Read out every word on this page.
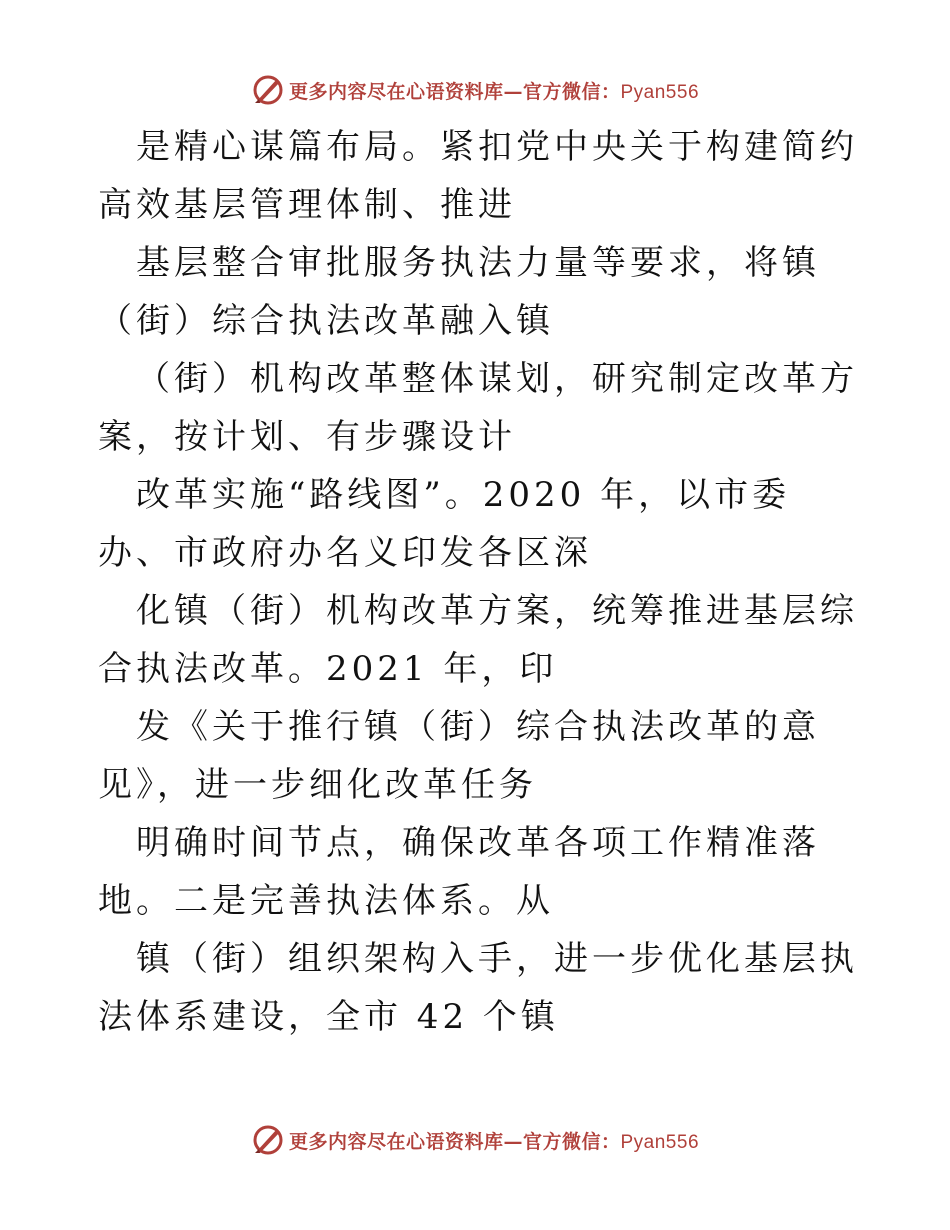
更多内容尽在心语资料库—官方微信：Pyan556

是精心谋篇布局。紧扣党中央关于构建简约高效基层管理体制、推进

基层整合审批服务执法力量等要求，将镇（街）综合执法改革融入镇

（街）机构改革整体谋划，研究制定改革方案，按计划、有步骤设计

改革实施“路线图”。2020 年，以市委办、市政府办名义印发各区深

化镇（街）机构改革方案，统筹推进基层综合执法改革。2021 年，印

发《关于推行镇（街）综合执法改革的意见》，进一步细化改革任务

明确时间节点，确保改革各项工作精准落地。二是完善执法体系。从

镇（街）组织架构入手，进一步优化基层执法体系建设，全市 42 个镇

更多内容尽在心语资料库—官方微信：Pyan556
